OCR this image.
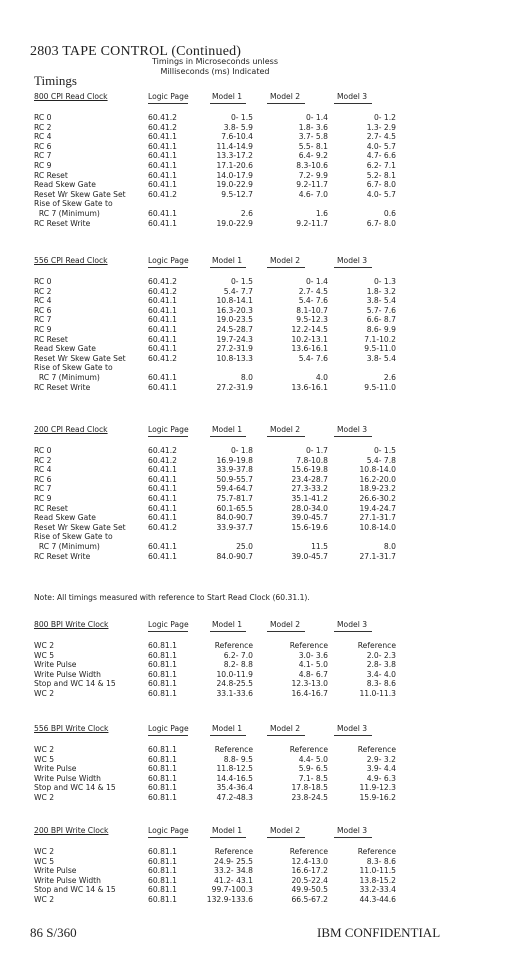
2803 TAPE CONTROL (Continued)
Timings in Microseconds unless
Milliseconds (ms) Indicated
Timings
800 CPI Read Clock	Logic Page	Model 1	Model 2	Model 3
RC 0	60.41.2	0- 1.5	0- 1.4	0- 1.2
RC 2	60.41.2	3.8- 5.9	1.8- 3.6	1.3- 2.9
RC 4	60.41.1	7.6-10.4	3.7- 5.8	2.7- 4.5
RC 6	60.41.1	11.4-14.9	5.5- 8.1	4.0- 5.7
RC 7	60.41.1	13.3-17.2	6.4- 9.2	4.7- 6.6
RC 9	60.41.1	17.1-20.6	8.3-10.6	6.2- 7.1
RC Reset	60.41.1	14.0-17.9	7.2- 9.9	5.2- 8.1
Read Skew Gate	60.41.1	19.0-22.9	9.2-11.7	6.7- 8.0
Reset Wr Skew Gate Set	60.41.2	9.5-12.7	4.6- 7.0	4.0- 5.7
Rise of Skew Gate to
RC 7 (Minimum)	60.41.1	2.6	1.6	0.6
RC Reset Write	60.41.1	19.0-22.9	9.2-11.7	6.7- 8.0
556 CPI Read Clock	Logic Page	Model 1	Model 2	Model 3
RC 0	60.41.2	0- 1.5	0- 1.4	0- 1.3
RC 2	60.41.2	5.4- 7.7	2.7- 4.5	1.8- 3.2
RC 4	60.41.1	10.8-14.1	5.4- 7.6	3.8- 5.4
RC 6	60.41.1	16.3-20.3	8.1-10.7	5.7- 7.6
RC 7	60.41.1	19.0-23.5	9.5-12.3	6.6- 8.7
RC 9	60.41.1	24.5-28.7	12.2-14.5	8.6- 9.9
RC Reset	60.41.1	19.7-24.3	10.2-13.1	7.1-10.2
Read Skew Gate	60.41.1	27.2-31.9	13.6-16.1	9.5-11.0
Reset Wr Skew Gate Set	60.41.2	10.8-13.3	5.4- 7.6	3.8- 5.4
Rise of Skew Gate to
RC 7 (Minimum)	60.41.1	8.0	4.0	2.6
RC Reset Write	60.41.1	27.2-31.9	13.6-16.1	9.5-11.0
200 CPI Read Clock	Logic Page	Model 1	Model 2	Model 3
RC 0	60.41.2	0- 1.8	0- 1.7	0- 1.5
RC 2	60.41.2	16.9-19.8	7.8-10.8	5.4- 7.8
RC 4	60.41.1	33.9-37.8	15.6-19.8	10.8-14.0
RC 6	60.41.1	50.9-55.7	23.4-28.7	16.2-20.0
RC 7	60.41.1	59.4-64.7	27.3-33.2	18.9-23.2
RC 9	60.41.1	75.7-81.7	35.1-41.2	26.6-30.2
RC Reset	60.41.1	60.1-65.5	28.0-34.0	19.4-24.7
Read Skew Gate	60.41.1	84.0-90.7	39.0-45.7	27.1-31.7
Reset Wr Skew Gate Set	60.41.2	33.9-37.7	15.6-19.6	10.8-14.0
Rise of Skew Gate to
RC 7 (Minimum)	60.41.1	25.0	11.5	8.0
RC Reset Write	60.41.1	84.0-90.7	39.0-45.7	27.1-31.7
800 BPI Write Clock	Logic Page	Model 1	Model 2	Model 3
WC 2	60.81.1	Reference	Reference	Reference
WC 5	60.81.1	6.2- 7.0	3.0- 3.6	2.0- 2.3
Write Pulse	60.81.1	8.2- 8.8	4.1- 5.0	2.8- 3.8
Write Pulse Width	60.81.1	10.0-11.9	4.8- 6.7	3.4- 4.0
Stop and WC 14 & 15	60.81.1	24.8-25.5	12.3-13.0	8.3- 8.6
WC 2	60.81.1	33.1-33.6	16.4-16.7	11.0-11.3
556 BPI Write Clock	Logic Page	Model 1	Model 2	Model 3
WC 2	60.81.1	Reference	Reference	Reference
WC 5	60.81.1	8.8- 9.5	4.4- 5.0	2.9- 3.2
Write Pulse	60.81.1	11.8-12.5	5.9- 6.5	3.9- 4.4
Write Pulse Width	60.81.1	14.4-16.5	7.1- 8.5	4.9- 6.3
Stop and WC 14 & 15	60.81.1	35.4-36.4	17.8-18.5	11.9-12.3
WC 2	60.81.1	47.2-48.3	23.8-24.5	15.9-16.2
200 BPI Write Clock	Logic Page	Model 1	Model 2	Model 3
WC 2	60.81.1	Reference	Reference	Reference
WC 5	60.81.1	24.9- 25.5	12.4-13.0	8.3- 8.6
Write Pulse	60.81.1	33.2- 34.8	16.6-17.2	11.0-11.5
Write Pulse Width	60.81.1	41.2- 43.1	20.5-22.4	13.8-15.2
Stop and WC 14 & 15	60.81.1	99.7-100.3	49.9-50.5	33.2-33.4
WC 2	60.81.1	132.9-133.6	66.5-67.2	44.3-44.6
Note: All timings measured with reference to Start Read Clock (60.31.1).
86 S/360	IBM CONFIDENTIAL
